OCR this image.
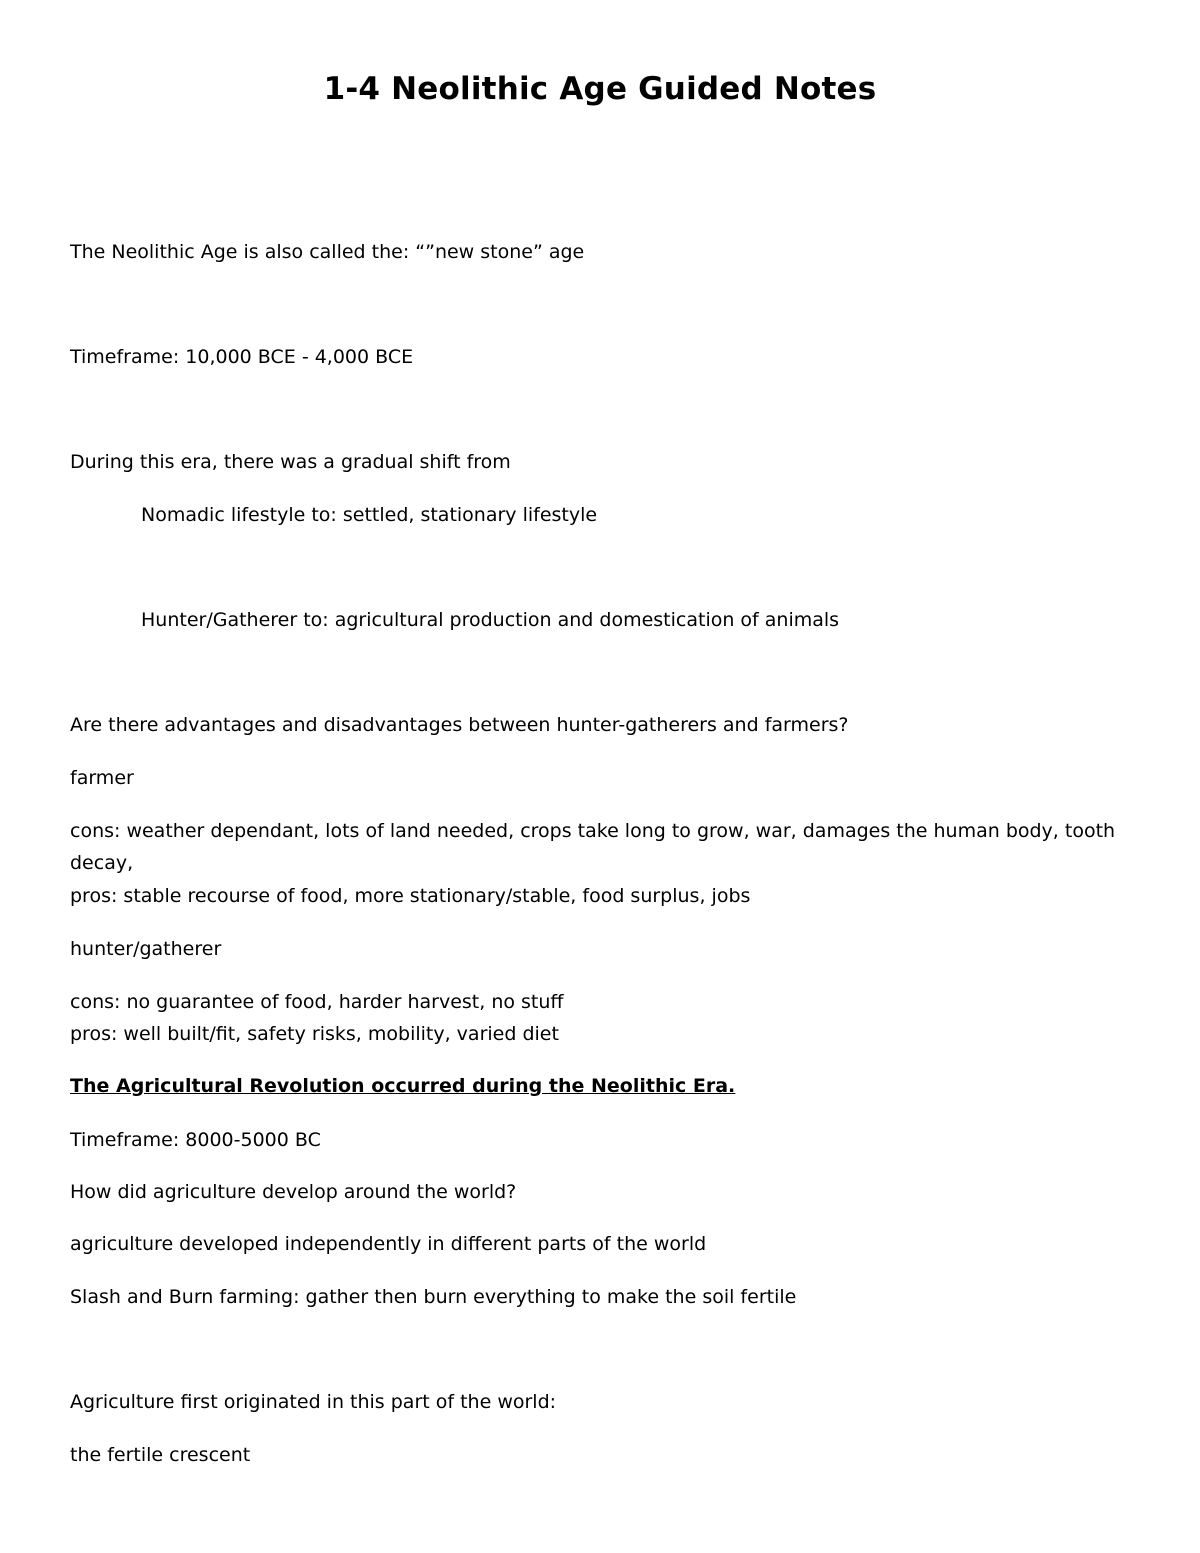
1-4 Neolithic Age Guided Notes
The Neolithic Age is also called the: “”new stone” age
Timeframe: 10,000 BCE - 4,000 BCE
During this era, there was a gradual shift from
Nomadic lifestyle to: settled, stationary lifestyle
Hunter/Gatherer to: agricultural production and domestication of animals
Are there advantages and disadvantages between hunter-gatherers and farmers?
farmer
cons: weather dependant, lots of land needed, crops take long to grow, war, damages the human body, tooth decay,
pros: stable recourse of food, more stationary/stable, food surplus, jobs
hunter/gatherer
cons: no guarantee of food, harder harvest, no stuff
pros: well built/fit, safety risks, mobility, varied diet
The Agricultural Revolution occurred during the Neolithic Era.
Timeframe: 8000-5000 BC
How did agriculture develop around the world?
agriculture developed independently in different parts of the world
Slash and Burn farming: gather then burn everything to make the soil fertile
Agriculture first originated in this part of the world:
the fertile crescent
